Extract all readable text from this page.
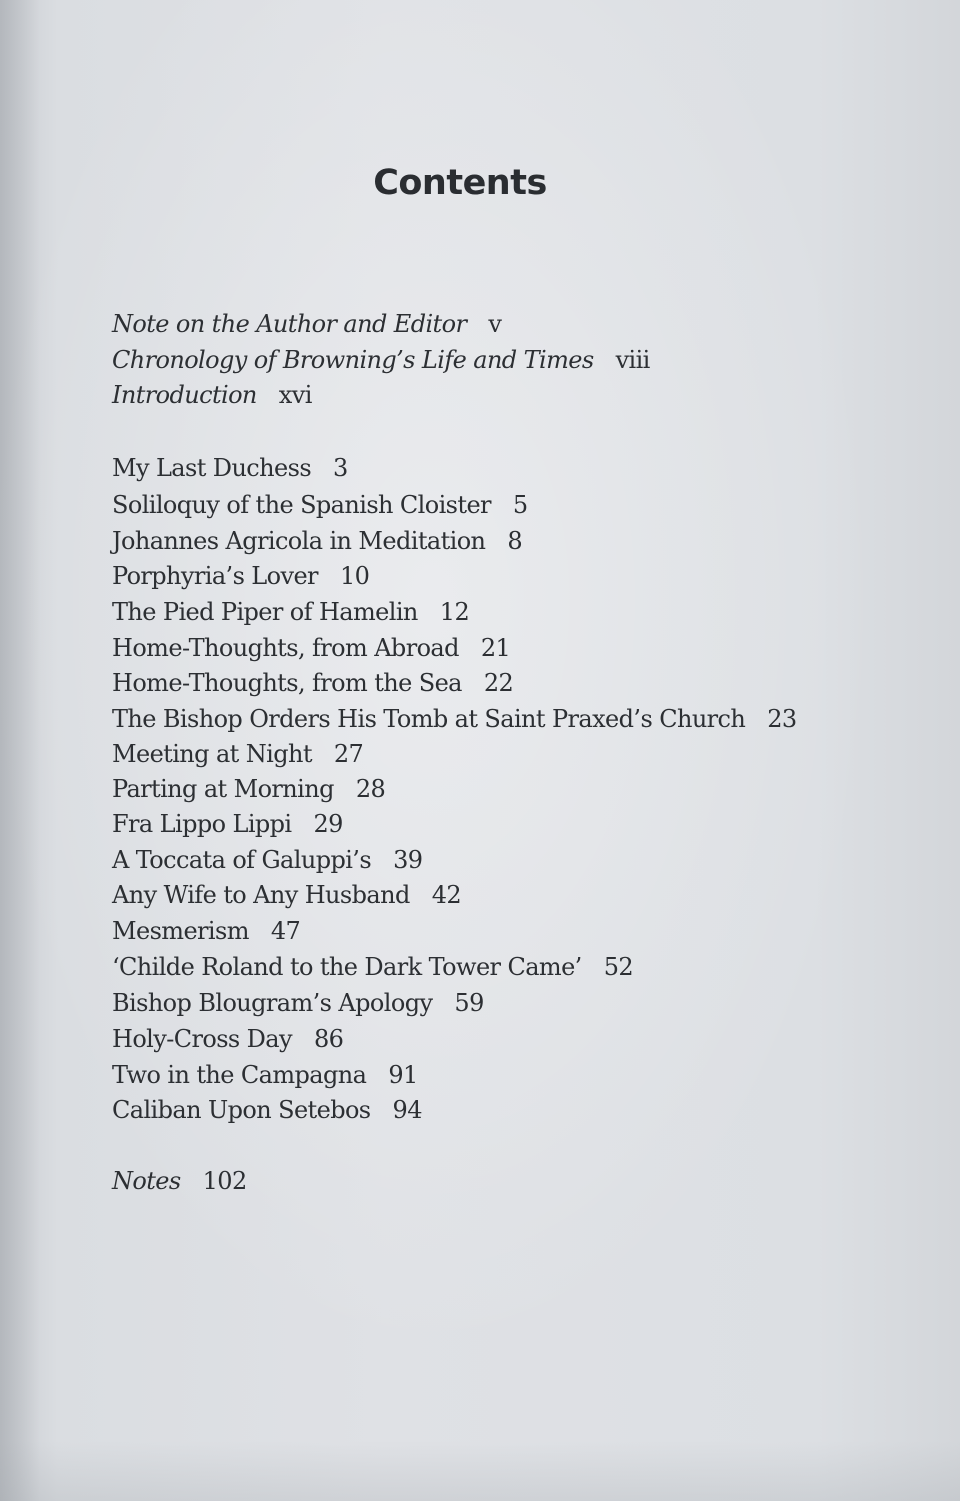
Contents
Note on the Author and Editor v
Chronology of Browning’s Life and Times viii
Introduction xvi
My Last Duchess 3
Soliloquy of the Spanish Cloister 5
Johannes Agricola in Meditation 8
Porphyria’s Lover 10
The Pied Piper of Hamelin 12
Home-Thoughts, from Abroad 21
Home-Thoughts, from the Sea 22
The Bishop Orders His Tomb at Saint Praxed’s Church 23
Meeting at Night 27
Parting at Morning 28
Fra Lippo Lippi 29
A Toccata of Galuppi’s 39
Any Wife to Any Husband 42
Mesmerism 47
‘Childe Roland to the Dark Tower Came’ 52
Bishop Blougram’s Apology 59
Holy-Cross Day 86
Two in the Campagna 91
Caliban Upon Setebos 94
Notes 102
